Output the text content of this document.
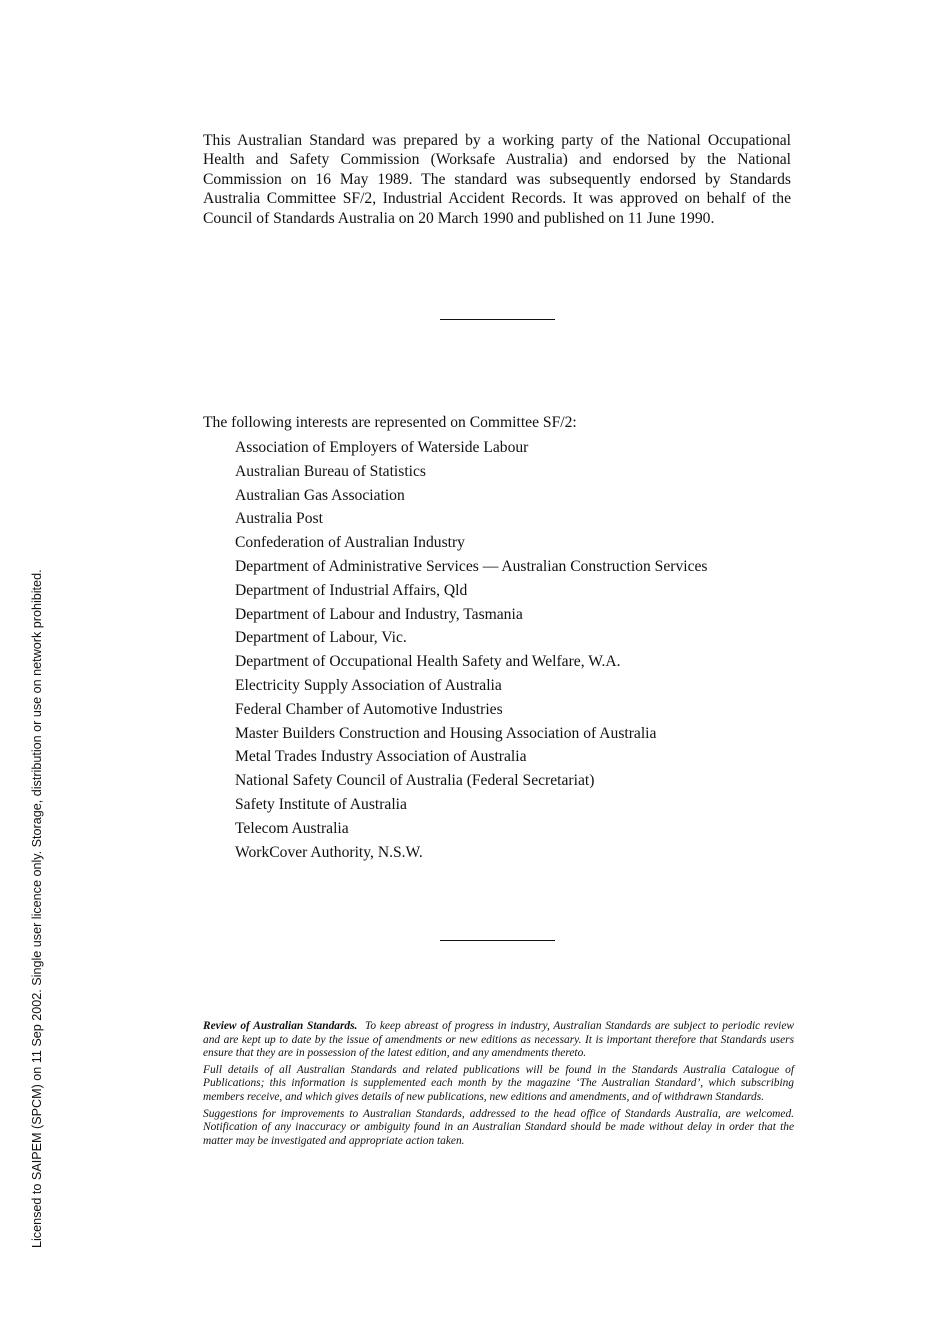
This Australian Standard was prepared by a working party of the National Occupational Health and Safety Commission (Worksafe Australia) and endorsed by the National Commission on 16 May 1989. The standard was subsequently endorsed by Standards Australia Committee SF/2, Industrial Accident Records. It was approved on behalf of the Council of Standards Australia on 20 March 1990 and published on 11 June 1990.

The following interests are represented on Committee SF/2:

Association of Employers of Waterside Labour
Australian Bureau of Statistics
Australian Gas Association
Australia Post
Confederation of Australian Industry
Department of Administrative Services — Australian Construction Services
Department of Industrial Affairs, Qld
Department of Labour and Industry, Tasmania
Department of Labour, Vic.
Department of Occupational Health Safety and Welfare, W.A.
Electricity Supply Association of Australia
Federal Chamber of Automotive Industries
Master Builders Construction and Housing Association of Australia
Metal Trades Industry Association of Australia
National Safety Council of Australia (Federal Secretariat)
Safety Institute of Australia
Telecom Australia
WorkCover Authority, N.S.W.

Review of Australian Standards. To keep abreast of progress in industry, Australian Standards are subject to periodic review and are kept up to date by the issue of amendments or new editions as necessary. It is important therefore that Standards users ensure that they are in possession of the latest edition, and any amendments thereto.

Full details of all Australian Standards and related publications will be found in the Standards Australia Catalogue of Publications; this information is supplemented each month by the magazine ‘The Australian Standard’, which subscribing members receive, and which gives details of new publications, new editions and amendments, and of withdrawn Standards.

Suggestions for improvements to Australian Standards, addressed to the head office of Standards Australia, are welcomed. Notification of any inaccuracy or ambiguity found in an Australian Standard should be made without delay in order that the matter may be investigated and appropriate action taken.

Licensed to SAIPEM (SPCM) on 11 Sep 2002. Single user licence only. Storage, distribution or use on network prohibited.
